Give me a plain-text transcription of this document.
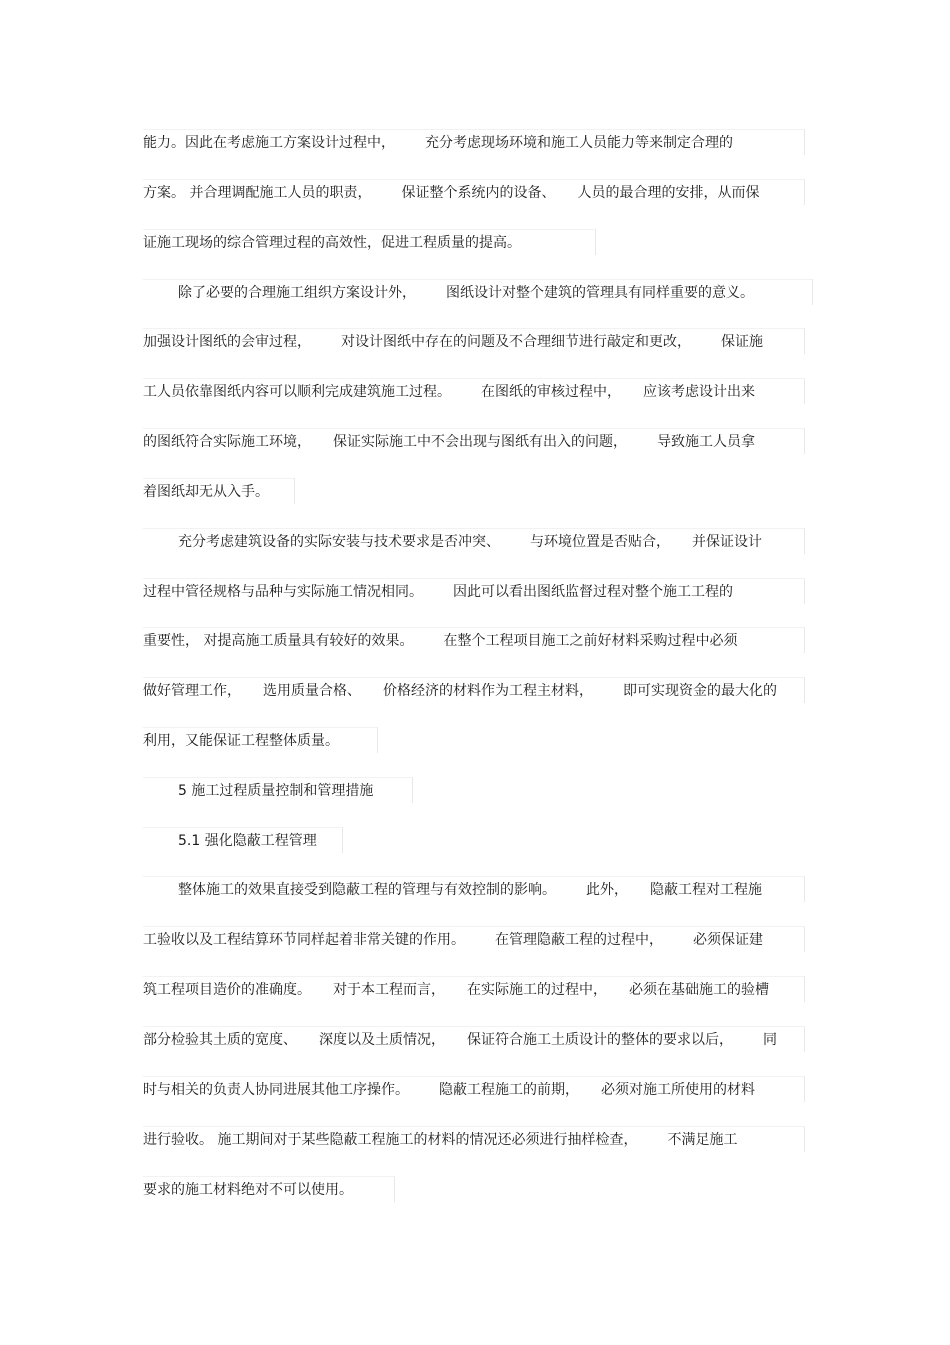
能力。因此在考虑施工方案设计过程中， 充分考虑现场环境和施工人员能力等来制定合理的
方案。 并合理调配施工人员的职责， 保证整个系统内的设备、 人员的最合理的安排，从而保
证施工现场的综合管理过程的高效性，促进工程质量的提高。
除了必要的合理施工组织方案设计外， 图纸设计对整个建筑的管理具有同样重要的意义。
加强设计图纸的会审过程， 对设计图纸中存在的问题及不合理细节进行敲定和更改， 保证施
工人员依靠图纸内容可以顺利完成建筑施工过程。 在图纸的审核过程中， 应该考虑设计出来
的图纸符合实际施工环境， 保证实际施工中不会出现与图纸有出入的问题， 导致施工人员拿
着图纸却无从入手。
充分考虑建筑设备的实际安装与技术要求是否冲突、 与环境位置是否贴合， 并保证设计
过程中管径规格与品种与实际施工情况相同。 因此可以看出图纸监督过程对整个施工工程的
重要性， 对提高施工质量具有较好的效果。 在整个工程项目施工之前好材料采购过程中必须
做好管理工作， 选用质量合格、 价格经济的材料作为工程主材料， 即可实现资金的最大化的
利用，又能保证工程整体质量。
5 施工过程质量控制和管理措施
5.1 强化隐蔽工程管理
整体施工的效果直接受到隐蔽工程的管理与有效控制的影响。 此外， 隐蔽工程对工程施
工验收以及工程结算环节同样起着非常关键的作用。 在管理隐蔽工程的过程中， 必须保证建
筑工程项目造价的准确度。 对于本工程而言， 在实际施工的过程中， 必须在基础施工的验槽
部分检验其土质的宽度、 深度以及土质情况， 保证符合施工土质设计的整体的要求以后， 同
时与相关的负责人协同进展其他工序操作。 隐蔽工程施工的前期， 必须对施工所使用的材料
进行验收。 施工期间对于某些隐蔽工程施工的材料的情况还必须进行抽样检查， 不满足施工
要求的施工材料绝对不可以使用。
